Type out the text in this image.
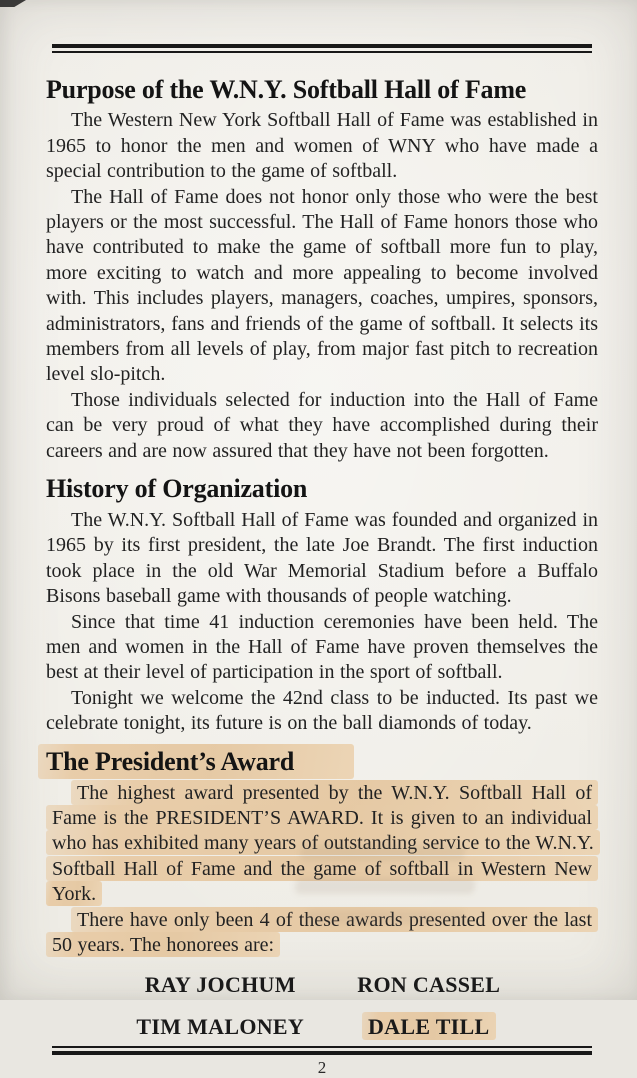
Purpose of the W.N.Y. Softball Hall of Fame

The Western New York Softball Hall of Fame was established in 1965 to honor the men and women of WNY who have made a special contribution to the game of softball.

The Hall of Fame does not honor only those who were the best players or the most successful. The Hall of Fame honors those who have contributed to make the game of softball more fun to play, more exciting to watch and more appealing to become involved with. This includes players, managers, coaches, umpires, sponsors, administrators, fans and friends of the game of softball. It selects its members from all levels of play, from major fast pitch to recreation level slo-pitch.

Those individuals selected for induction into the Hall of Fame can be very proud of what they have accomplished during their careers and are now assured that they have not been forgotten.

History of Organization

The W.N.Y. Softball Hall of Fame was founded and organized in 1965 by its first president, the late Joe Brandt. The first induction took place in the old War Memorial Stadium before a Buffalo Bisons baseball game with thousands of people watching.

Since that time 41 induction ceremonies have been held. The men and women in the Hall of Fame have proven themselves the best at their level of participation in the sport of softball.

Tonight we welcome the 42nd class to be inducted. Its past we celebrate tonight, its future is on the ball diamonds of today.

The President’s Award

The highest award presented by the W.N.Y. Softball Hall of Fame is the PRESIDENT’S AWARD. It is given to an individual who has exhibited many years of outstanding service to the W.N.Y. Softball Hall of Fame and the game of softball in Western New York.

There have only been 4 of these awards presented over the last 50 years. The honorees are:

RAY JOCHUM	RON CASSEL
TIM MALONEY	DALE TILL
2
